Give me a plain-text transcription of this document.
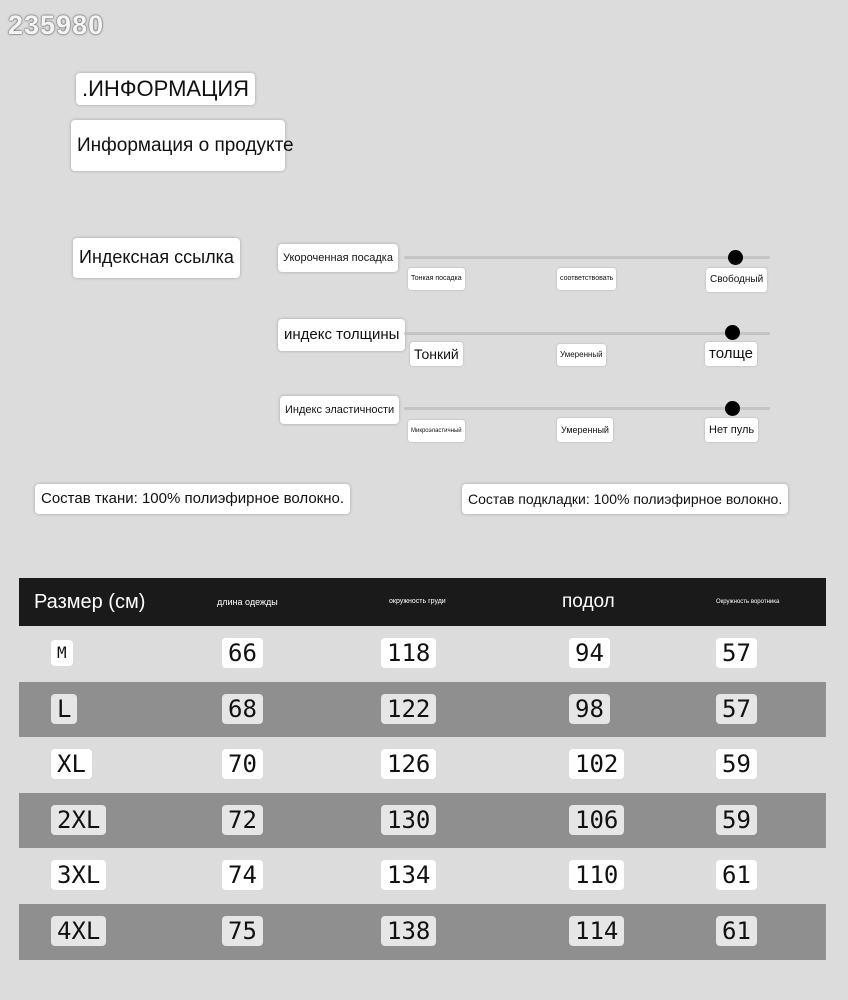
235980
.ИНФОРМАЦИЯ
Информация о продукте
Индексная ссылка	Укороченная посадка
Тонкая посадка	соответствовать	Свободный
индекс толщины
Тонкий	Умеренный	толще
Индекс эластичности
Микроэластичный	Умеренный	Нет пуль
Состав ткани: 100% полиэфирное волокно.	Состав подкладки: 100% полиэфирное волокно.
Размер (см)	длина одежды	окружность груди	подол	Окружность воротника
M	66	118	94	57
L	68	122	98	57
XL	70	126	102	59
2XL	72	130	106	59
3XL	74	134	110	61
4XL	75	138	114	61
